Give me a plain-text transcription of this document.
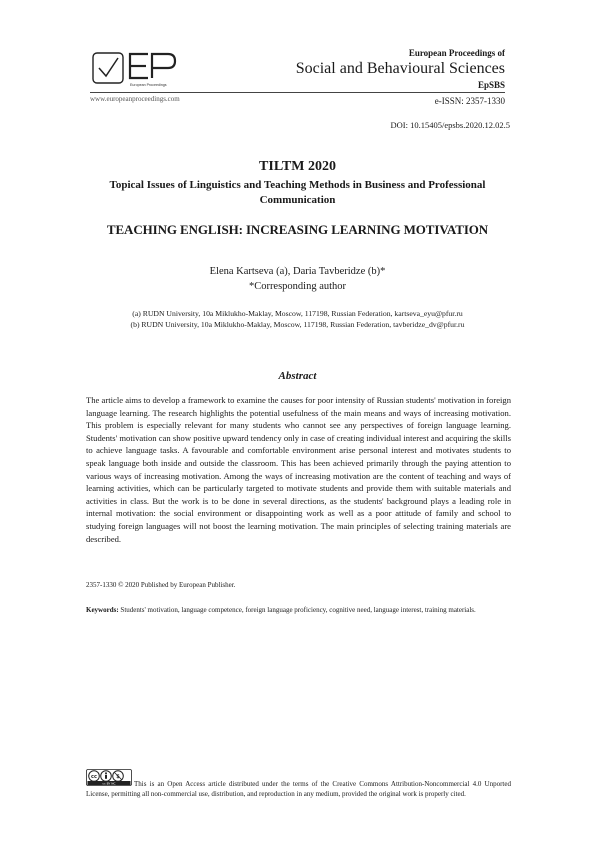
European Proceedings
European Proceedings of
Social and Behavioural Sciences
EpSBS
www.europeanproceedings.com	e-ISSN: 2357-1330
DOI: 10.15405/epsbs.2020.12.02.5
TILTM 2020
Topical Issues of Linguistics and Teaching Methods in Business and Professional Communication
TEACHING ENGLISH: INCREASING LEARNING MOTIVATION
Elena Kartseva (a), Daria Tavberidze (b)*
*Corresponding author
(a) RUDN University, 10a Miklukho-Maklay, Moscow, 117198, Russian Federation, kartseva_eyu@pfur.ru
(b) RUDN University, 10a Miklukho-Maklay, Moscow, 117198, Russian Federation, tavberidze_dv@pfur.ru
Abstract
The article aims to develop a framework to examine the causes for poor intensity of Russian students' motivation in foreign language learning. The research highlights the potential usefulness of the main means and ways of increasing motivation. This problem is especially relevant for many students who cannot see any perspectives of foreign language learning. Students' motivation can show positive upward tendency only in case of creating individual interest and acquiring the skills to achieve language tasks. A favourable and comfortable environment arise personal interest and motivates students to speak language both inside and outside the classroom. This has been achieved primarily through the paying attention to various ways of increasing motivation. Among the ways of increasing motivation are the content of teaching and ways of learning activities, which can be particularly targeted to motivate students and provide them with suitable materials and activities in class. But the work is to be done in several directions, as the students' background plays a leading role in internal motivation: the social environment or disappointing work as well as a poor attitude of family and school to studying foreign languages will not boost the learning motivation. The main principles of selecting training materials are described.
2357-1330 © 2020 Published by European Publisher.
Keywords: Students' motivation, language competence, foreign language proficiency, cognitive need, language interest, training materials.
cc	$
cc BY NC	This is an Open Access article distributed under the terms of the Creative Commons Attribution-Noncommercial 4.0 Unported License, permitting all non-commercial use, distribution, and reproduction in any medium, provided the original work is properly cited.
